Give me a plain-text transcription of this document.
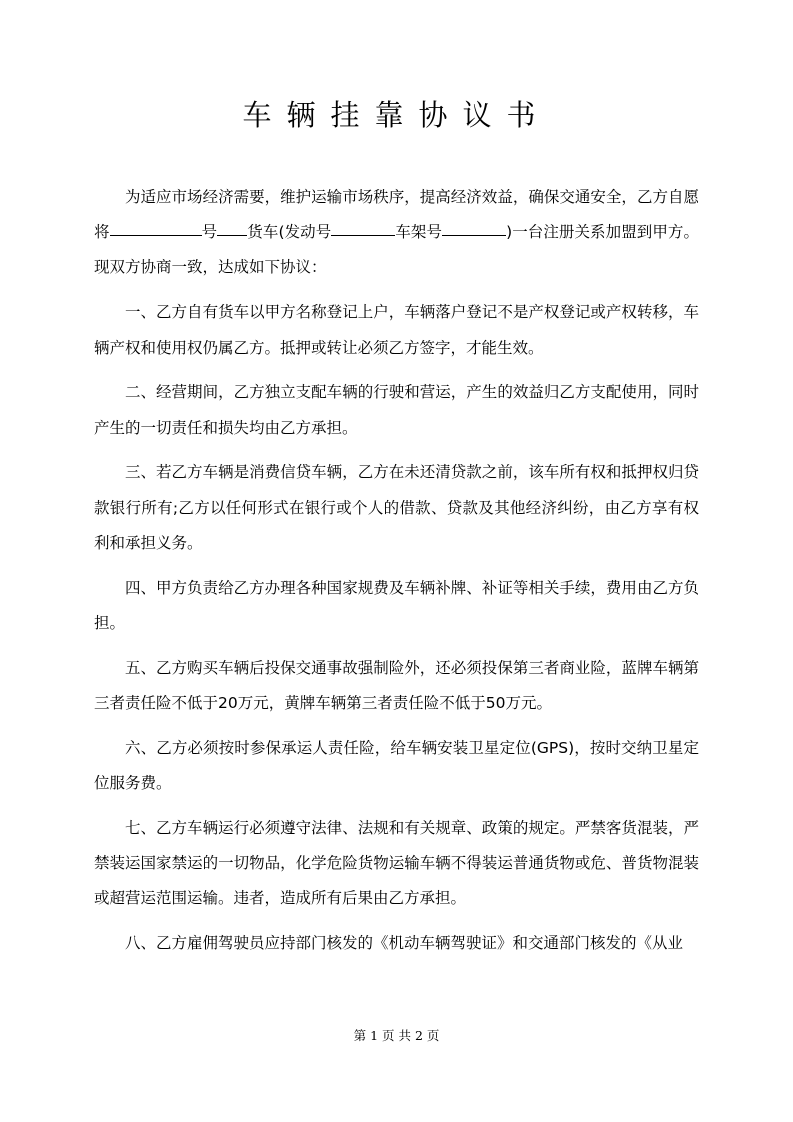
车辆挂靠协议书

为适应市场经济需要，维护运输市场秩序，提高经济效益，确保交通安全，乙方自愿将	号 货车(发动号	车架号	)一台注册关系加盟到甲方。现双方协商一致，达成如下协议：

一、乙方自有货车以甲方名称登记上户，车辆落户登记不是产权登记或产权转移，车辆产权和使用权仍属乙方。抵押或转让必须乙方签字，才能生效。

二、经营期间，乙方独立支配车辆的行驶和营运，产生的效益归乙方支配使用，同时产生的一切责任和损失均由乙方承担。

三、若乙方车辆是消费信贷车辆，乙方在未还清贷款之前，该车所有权和抵押权归贷款银行所有;乙方以任何形式在银行或个人的借款、贷款及其他经济纠纷，由乙方享有权利和承担义务。

四、甲方负责给乙方办理各种国家规费及车辆补牌、补证等相关手续，费用由乙方负担。

五、乙方购买车辆后投保交通事故强制险外，还必须投保第三者商业险，蓝牌车辆第三者责任险不低于20万元，黄牌车辆第三者责任险不低于50万元。

六、乙方必须按时参保承运人责任险，给车辆安装卫星定位(GPS)，按时交纳卫星定位服务费。

七、乙方车辆运行必须遵守法律、法规和有关规章、政策的规定。严禁客货混装，严禁装运国家禁运的一切物品，化学危险货物运输车辆不得装运普通货物或危、普货物混装或超营运范围运输。违者，造成所有后果由乙方承担。

八、乙方雇佣驾驶员应持部门核发的《机动车辆驾驶证》和交通部门核发的《从业

第 1 页 共 2 页
